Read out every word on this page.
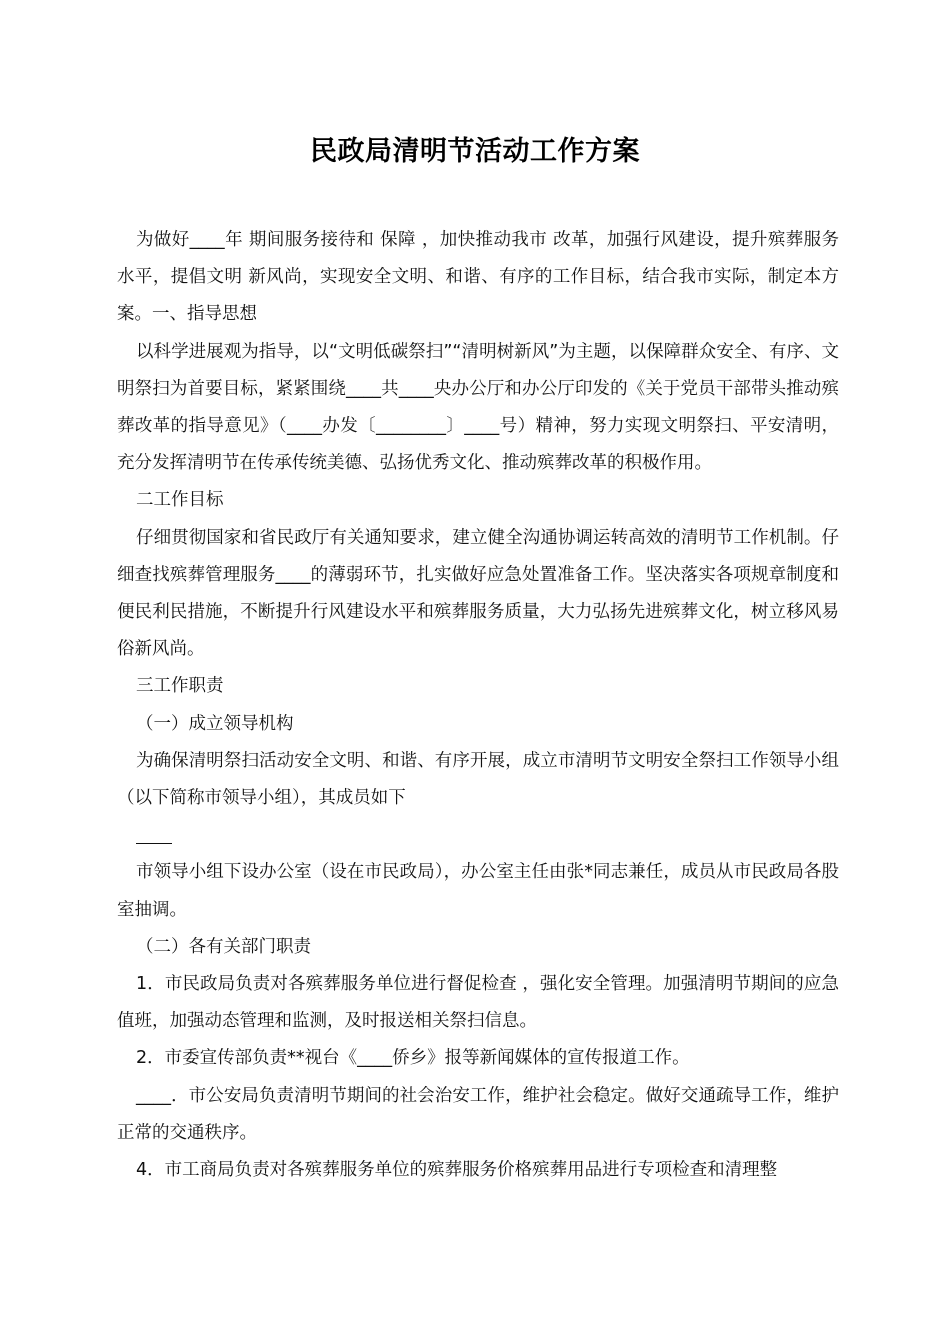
民政局清明节活动工作方案

为做好____年 期间服务接待和 保障 ，加快推动我市 改革，加强行风建设，提升殡葬服务水平，提倡文明 新风尚，实现安全文明、和谐、有序的工作目标，结合我市实际，制定本方案。一、指导思想

以科学进展观为指导，以“文明低碳祭扫”“清明树新风”为主题，以保障群众安全、有序、文明祭扫为首要目标，紧紧围绕____共____央办公厅和办公厅印发的《关于党员干部带头推动殡葬改革的指导意见》（____办发〔________〕____号）精神，努力实现文明祭扫、平安清明，充分发挥清明节在传承传统美德、弘扬优秀文化、推动殡葬改革的积极作用。

二工作目标

仔细贯彻国家和省民政厅有关通知要求，建立健全沟通协调运转高效的清明节工作机制。仔细查找殡葬管理服务____的薄弱环节，扎实做好应急处置准备工作。坚决落实各项规章制度和便民利民措施，不断提升行风建设水平和殡葬服务质量，大力弘扬先进殡葬文化，树立移风易俗新风尚。

三工作职责

（一）成立领导机构

为确保清明祭扫活动安全文明、和谐、有序开展，成立市清明节文明安全祭扫工作领导小组（以下简称市领导小组），其成员如下

市领导小组下设办公室（设在市民政局），办公室主任由张*同志兼任，成员从市民政局各股室抽调。

（二）各有关部门职责

1．市民政局负责对各殡葬服务单位进行督促检查 ，强化安全管理。加强清明节期间的应急值班，加强动态管理和监测，及时报送相关祭扫信息。

2．市委宣传部负责**视台《____侨乡》报等新闻媒体的宣传报道工作。

____．市公安局负责清明节期间的社会治安工作，维护社会稳定。做好交通疏导工作，维护正常的交通秩序。

4．市工商局负责对各殡葬服务单位的殡葬服务价格殡葬用品进行专项检查和清理整
